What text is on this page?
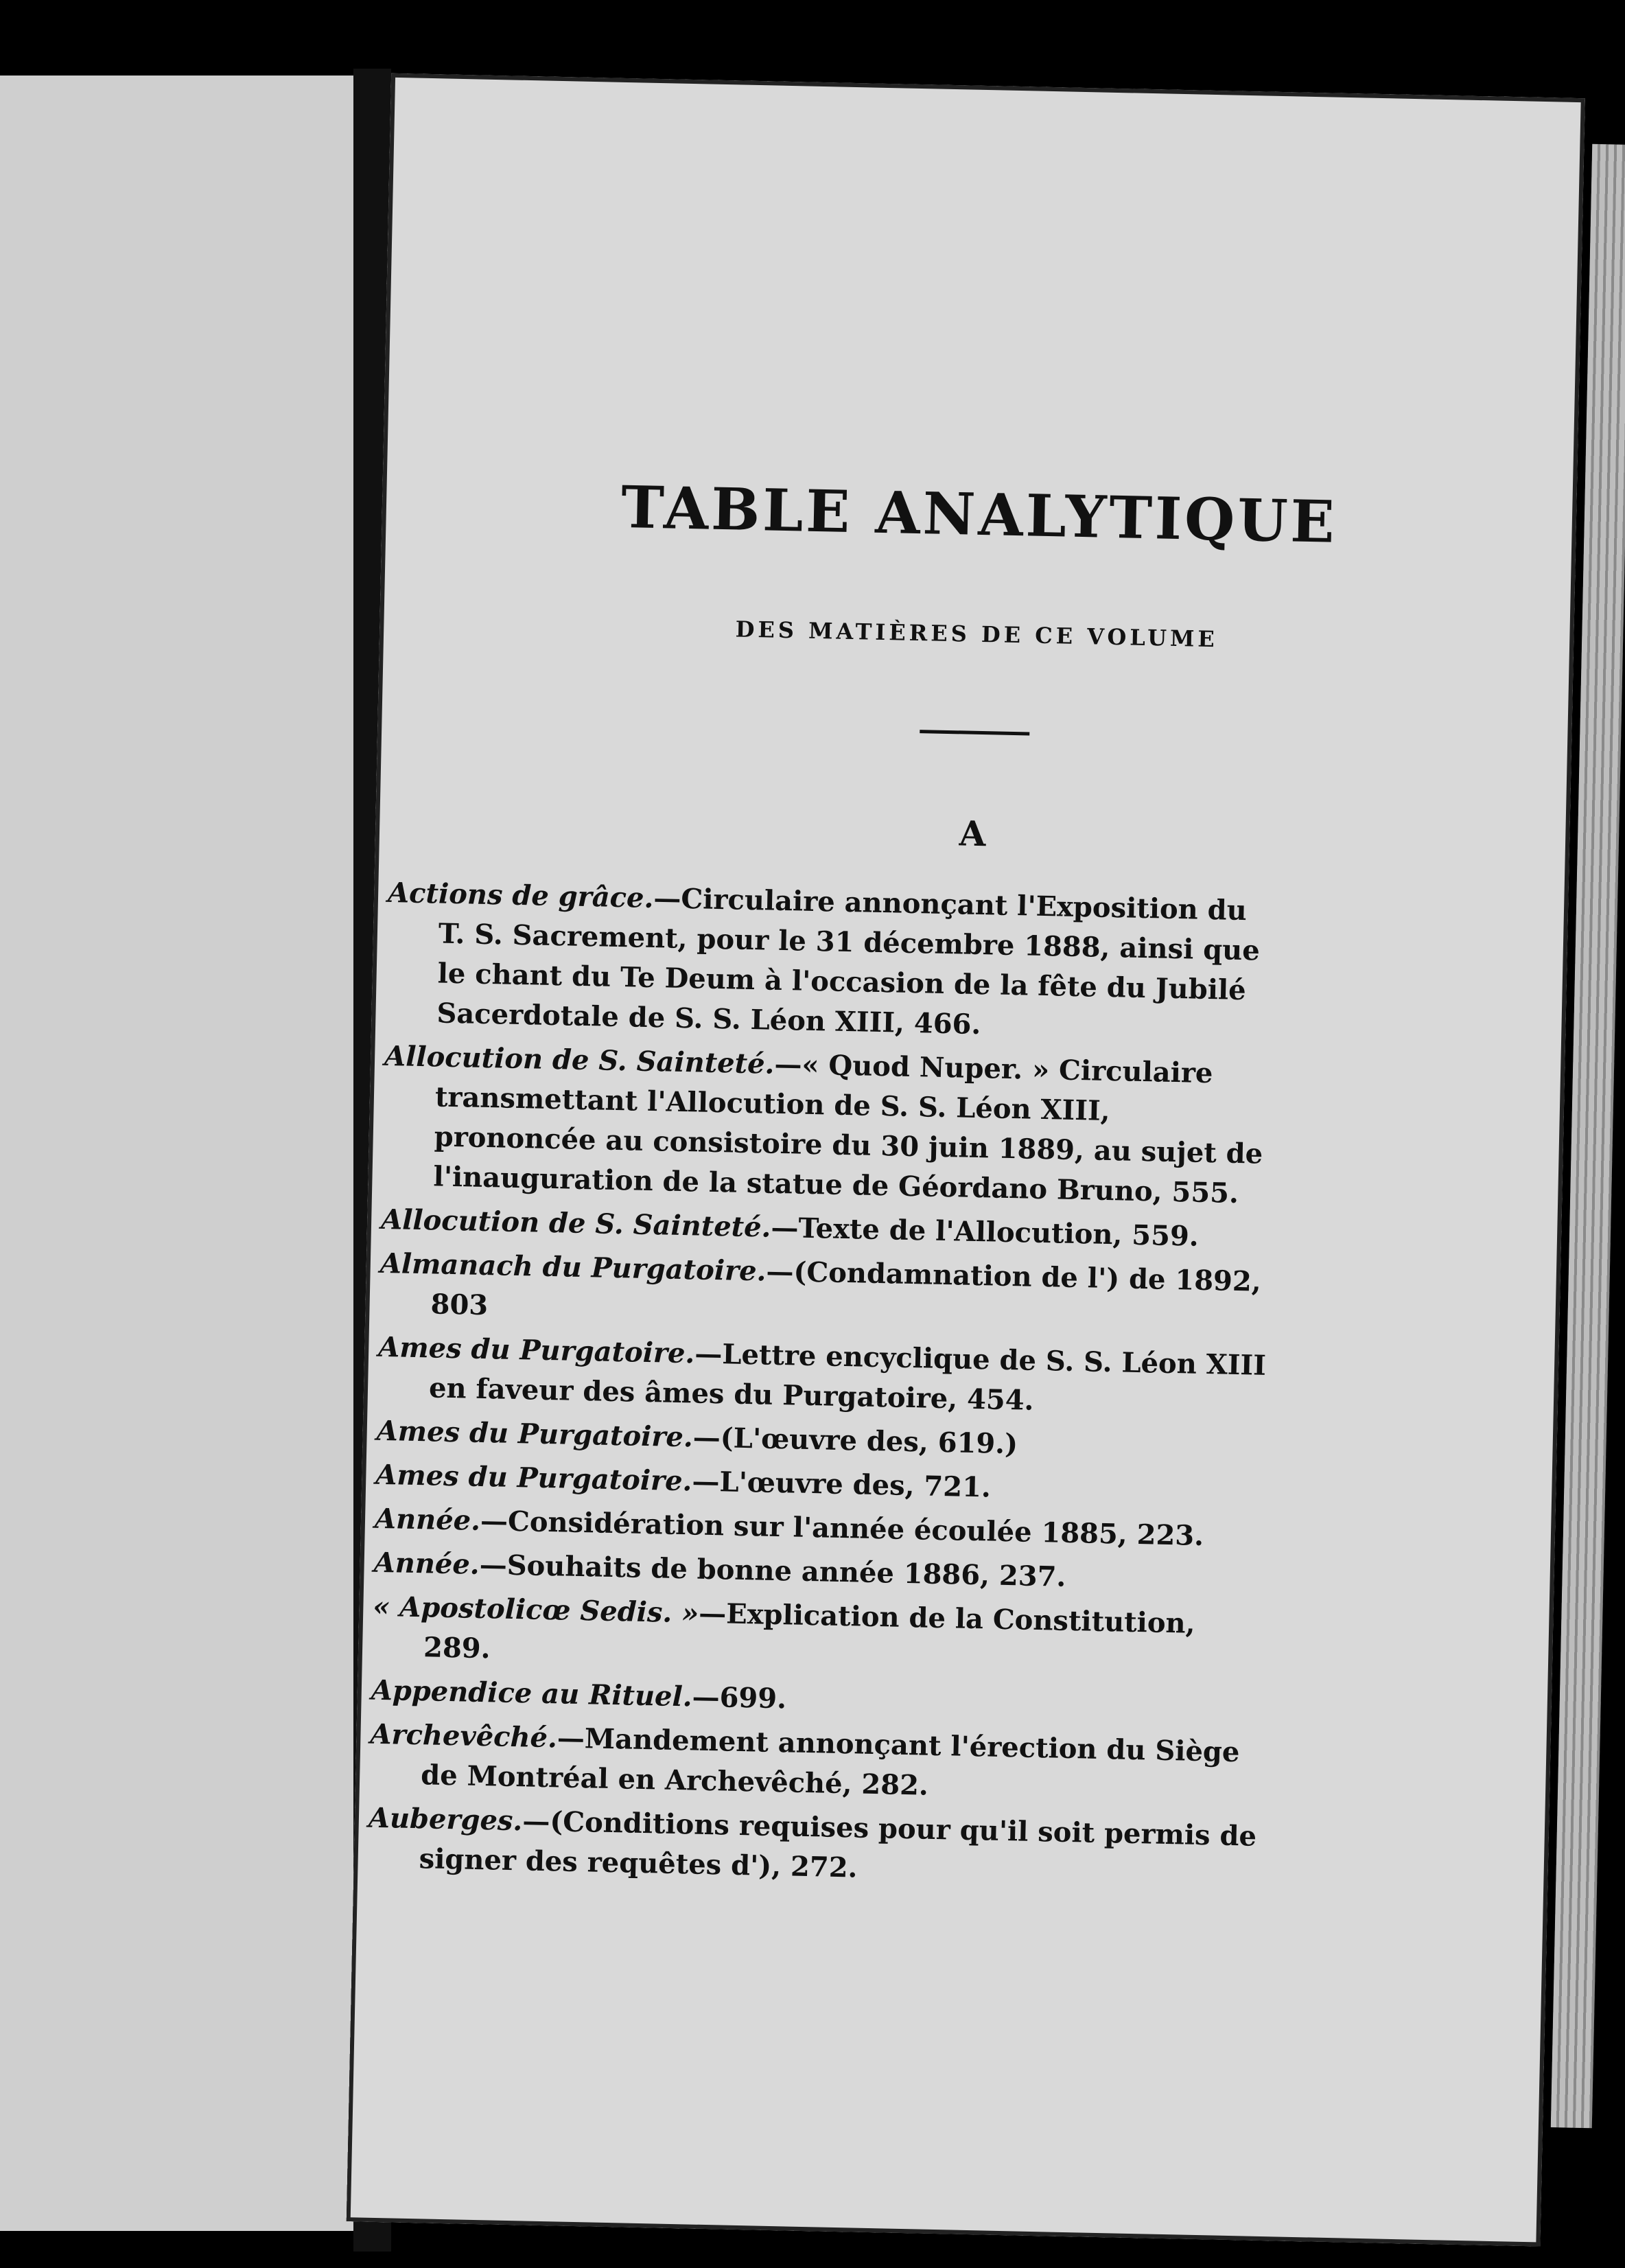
TABLE ANALYTIQUE
DES MATIÈRES DE CE VOLUME
A
Actions de grâce.—Circulaire annonçant l'Exposition du T. S. Sacrement, pour le 31 décembre 1888, ainsi que le chant du Te Deum à l'occasion de la fête du Jubilé Sacerdotale de S. S. Léon XIII, 466.
Allocution de S. Sainteté.—« Quod Nuper. » Circulaire transmettant l'Allocution de S. S. Léon XIII, prononcée au consistoire du 30 juin 1889, au sujet de l'inauguration de la statue de Géordano Bruno, 555.
Allocution de S. Sainteté.—Texte de l'Allocution, 559.
Almanach du Purgatoire.—(Condamnation de l') de 1892, 803
Ames du Purgatoire.—Lettre encyclique de S. S. Léon XIII en faveur des âmes du Purgatoire, 454.
Ames du Purgatoire.—(L'œuvre des, 619.)
Ames du Purgatoire.—L'œuvre des, 721.
Année.—Considération sur l'année écoulée 1885, 223.
Année.—Souhaits de bonne année 1886, 237.
« Apostolicœ Sedis. »—Explication de la Constitution, 289.
Appendice au Rituel.—699.
Archevêché.—Mandement annonçant l'érection du Siège de Montréal en Archevêché, 282.
Auberges.—(Conditions requises pour qu'il soit permis de signer des requêtes d'), 272.
